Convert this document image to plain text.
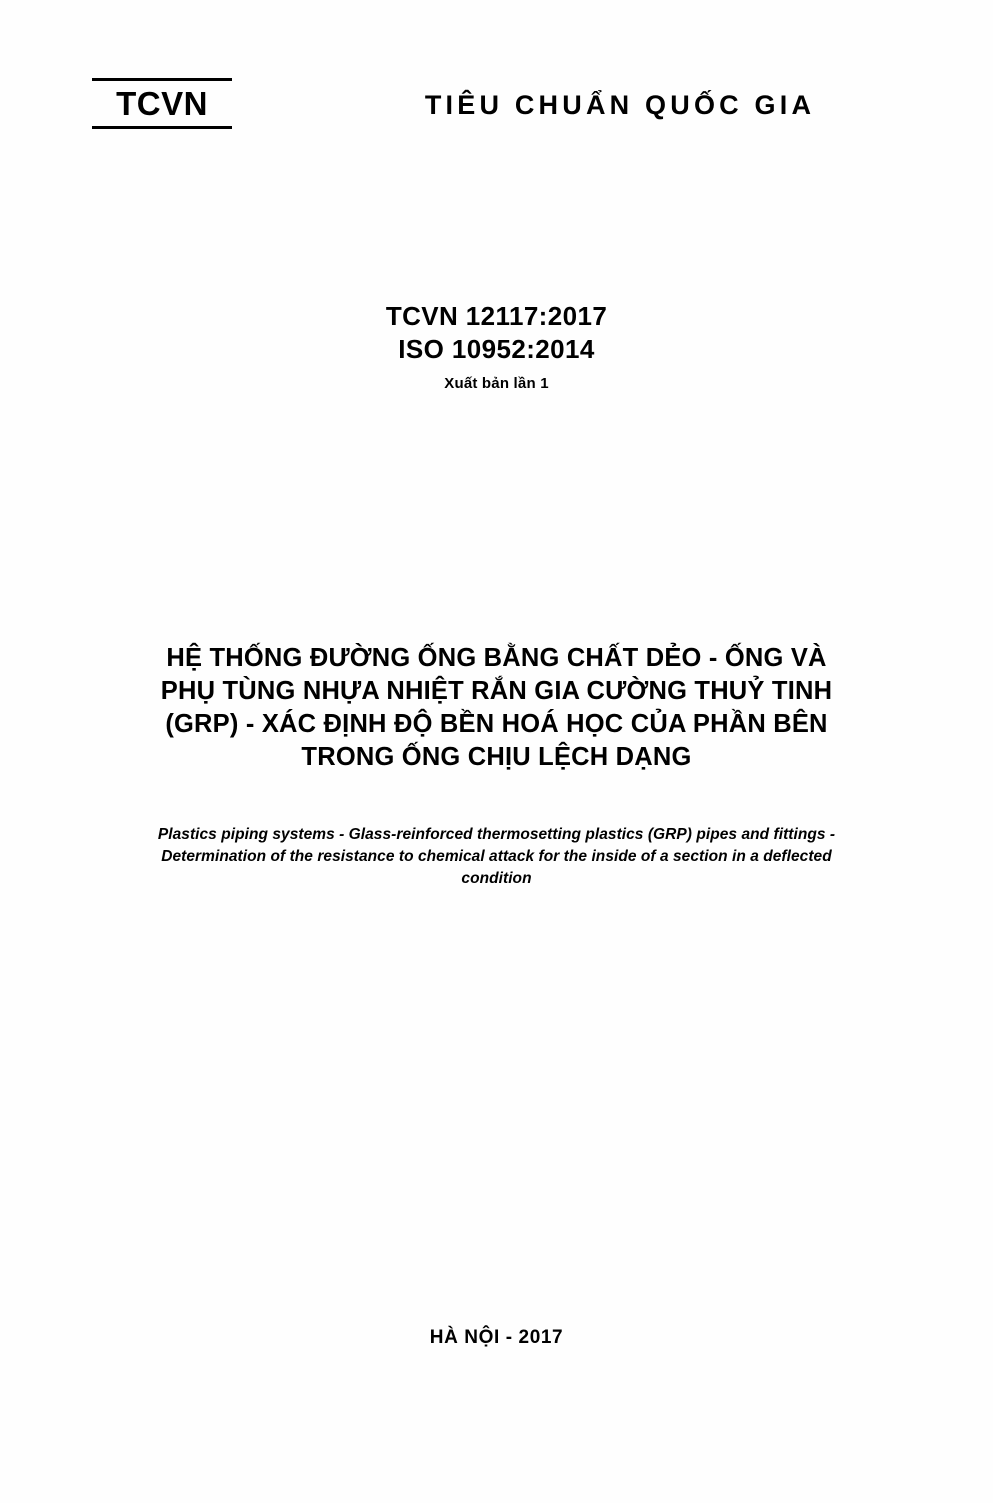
TCVN	TIÊU CHUẨN QUỐC GIA
TCVN 12117:2017
ISO 10952:2014
Xuất bản lần 1
HỆ THỐNG ĐƯỜNG ỐNG BẰNG CHẤT DẺO - ỐNG VÀ
PHỤ TÙNG NHỰA NHIỆT RẮN GIA CƯỜNG THUỶ TINH
(GRP) - XÁC ĐỊNH ĐỘ BỀN HOÁ HỌC CỦA PHẦN BÊN
TRONG ỐNG CHỊU LỆCH DẠNG
Plastics piping systems - Glass-reinforced thermosetting plastics (GRP) pipes and fittings -
Determination of the resistance to chemical attack for the inside of a section in a deflected
condition
HÀ NỘI - 2017
